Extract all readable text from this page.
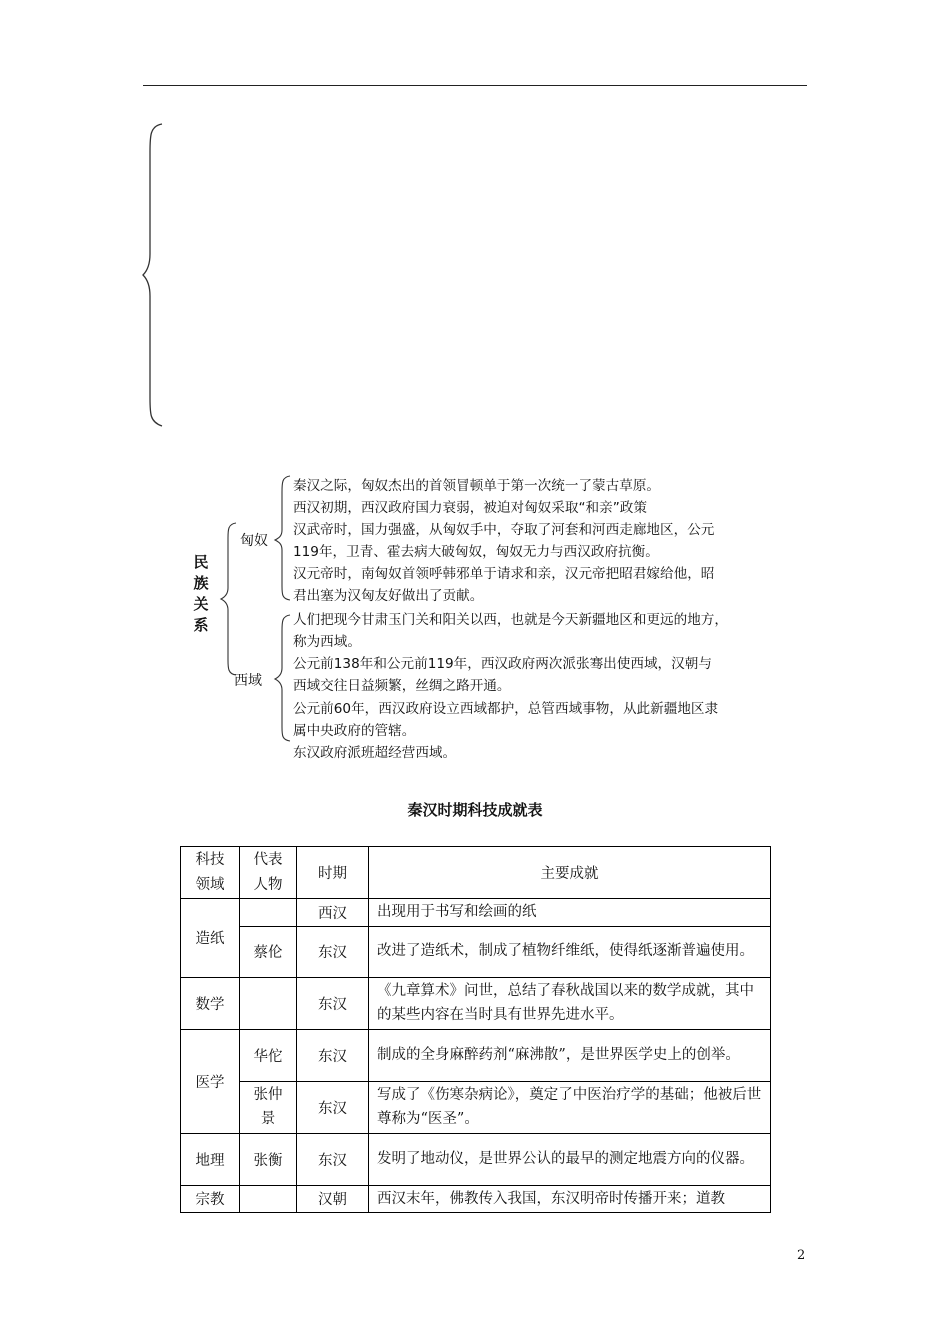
民
族
关
系
匈奴
西域
秦汉之际，匈奴杰出的首领冒顿单于第一次统一了蒙古草原。
西汉初期，西汉政府国力衰弱，被迫对匈奴采取“和亲”政策
汉武帝时，国力强盛，从匈奴手中，夺取了河套和河西走廊地区，公元
119年，卫青、霍去病大破匈奴，匈奴无力与西汉政府抗衡。
汉元帝时，南匈奴首领呼韩邪单于请求和亲，汉元帝把昭君嫁给他，昭
君出塞为汉匈友好做出了贡献。
人们把现今甘肃玉门关和阳关以西，也就是今天新疆地区和更远的地方，
称为西域。
公元前138年和公元前119年，西汉政府两次派张骞出使西域，汉朝与
西域交往日益频繁，丝绸之路开通。
公元前60年，西汉政府设立西域都护，总管西域事物，从此新疆地区隶
属中央政府的管辖。
东汉政府派班超经营西域。
秦汉时期科技成就表
科技领域	代表人物	时期	主要成就
造纸		西汉	出现用于书写和绘画的纸
	蔡伦	东汉	改进了造纸术，制成了植物纤维纸，使得纸逐渐普遍使用。
数学		东汉	《九章算术》问世，总结了春秋战国以来的数学成就，其中的某些内容在当时具有世界先进水平。
医学	华佗	东汉	制成的全身麻醉药剂“麻沸散”，是世界医学史上的创举。
	张仲景	东汉	写成了《伤寒杂病论》，奠定了中医治疗学的基础；他被后世尊称为“医圣”。
地理	张衡	东汉	发明了地动仪，是世界公认的最早的测定地震方向的仪器。
宗教		汉朝	西汉末年，佛教传入我国，东汉明帝时传播开来；道教
2
